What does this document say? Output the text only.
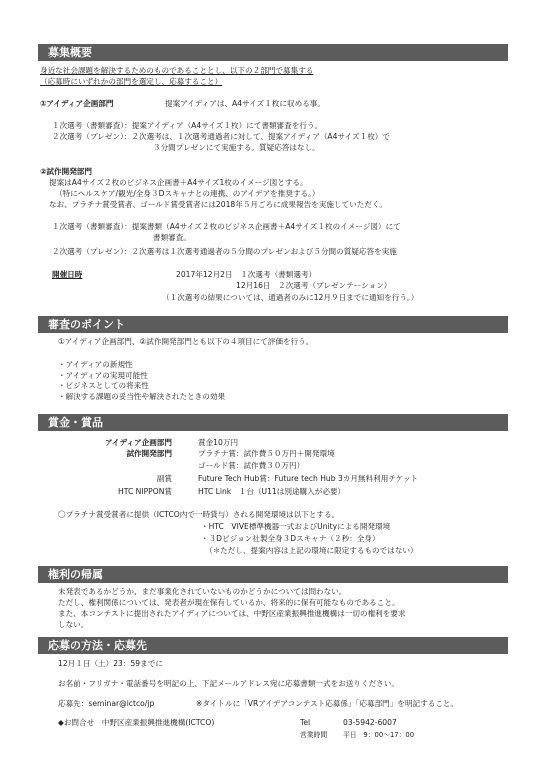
募集概要
身近な社会課題を解決するためのものであることとし、以下の２部門で募集する
（応募時にいずれかの部門を選定し、応募すること）
①アイディア企画部門	提案アイディアは、A4サイズ１枚に収める事。
１次選考（書類審査）：提案アイディア（A4サイズ１枚）にて書類審査を行う。
２次選考（プレゼン）：２次選考は、１次選考通過者に対して、提案アイディア（A4サイズ１枚）で
３分間プレゼンにて実施する。質疑応答はなし。
②試作開発部門
提案はA4サイズ２枚のビジネス企画書＋A4サイズ1枚のイメージ図とする。
（特にヘルスケア/観光/全身３Dスキャナとの連携、のアイデアを推奨する。）
なお、プラチナ賞受賞者、ゴールド賞受賞者には2018年５月ごろに成果報告を実施していただく。
１次選考（書類審査）：提案書類（A4サイズ２枚のビジネス企画書＋A4サイズ１枚のイメージ図）にて
書類審査。
２次選考（プレゼン）：２次選考は１次選考通過者の５分間のプレゼンおよび５分間の質疑応答を実施
開催日時	2017年12月2日　１次選考（書類選考）
12月16日　２次選考（プレゼンテーション）
（１次選考の結果については、通過者のみに12月９日までに通知を行う。）
審査のポイント
①アイディア企画部門、②試作開発部門とも以下の４項目にて評価を行う。
・アイディアの新規性
・アイディアの実現可能性
・ビジネスとしての将来性
・解決する課題の妥当性や解決されたときの効果
賞金・賞品
アイディア企画部門	賞金10万円
試作開発部門	プラチナ賞：試作費５０万円＋開発環境
ゴールド賞：試作費３０万円）
副賞	Future Tech Hub賞：Future tech Hub 3カ月無料利用チケット
HTC NIPPON賞	HTC Link　１台（U11は別途購入が必要）
〇プラチナ賞受賞者に提供（ICTCO内で一時貸与）される開発環境は以下とする。
・HTC　VIVE標準機器一式およびUnityによる開発環境
・３Dビジョン社製全身３Dスキャナ（２秒：全身）
（＊ただし、提案内容は上記の環境に限定するものではない）
権利の帰属
未発表であるかどうか、まだ事業化されていないものかどうかについては問わない。
ただし、権利関係については、発表者が現在保有しているか、将来的に保有可能なものであること。
また、本コンテストに提出されたアイディアについては、中野区産業振興推進機構は一切の権利を要求
しない。
応募の方法・応募先
12月１日（土）23：59までに
お名前・フリガナ・電話番号を明記の上、下記メールアドレス宛に応募書類一式をお送りください。
応募先：seminar@ictco/jp	※タイトルに「VRアイデアコンテスト応募係」「応募部門」を明記すること。
◆お問合せ　中野区産業振興推進機構(ICTCO)	Tel	03-5942-6007
営業時間 平日　9：00～17：00
